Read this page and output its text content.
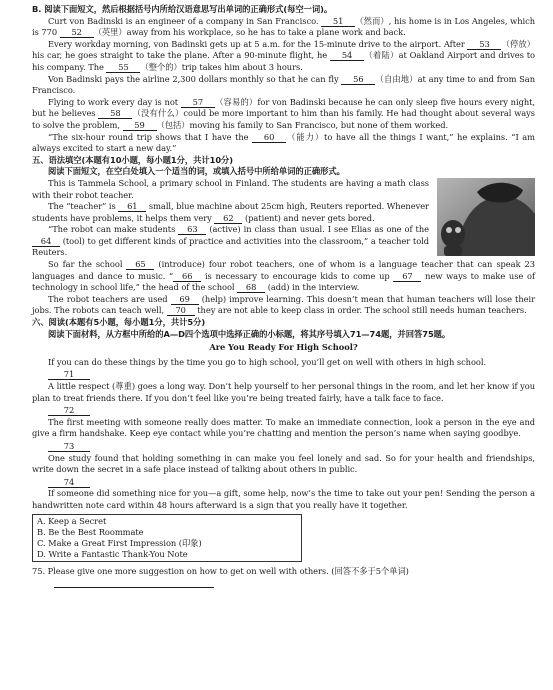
B. 阅读下面短文，然后根据括号内所给汉语意思写出单词的正确形式(每空一词)。

Curt von Badinski is an engineer of a company in San Francisco. 51 （然而）, his home is in Los Angeles, which is 770 52 （英里）away from his workplace, so he has to take a plane work and back.

Every workday morning, von Badinski gets up at 5 a.m. for the 15-minute drive to the airport. After 53 （停放）his car, he goes straight to take the plane. After a 90-minute flight, he 54 （着陆）at Oakland Airport and drives to his company. The 55 （整个的）trip takes him about 3 hours.

Von Badinski pays the airline 2,300 dollars monthly so that he can fly 56 （自由地）at any time to and from San Francisco.

Flying to work every day is not 57 （容易的）for von Badinski because he can only sleep five hours every night, but he believes 58 （没有什么）could be more important to him than his family. He had thought about several ways to solve the problem, 59 （包括）moving his family to San Francisco, but none of them worked.

“The six-hour round trip shows that I have the 60 （能力）to have all the things I want,” he explains. “I am always excited to start a new day.”

五、语法填空(本题有10小题，每小题1分，共计10分)

阅读下面短文，在空白处填入一个适当的词，或填入括号中所给单词的正确形式。

This is Tammela School, a primary school in Finland. The students are having a math class with their robot teacher.

The “teacher” is 61 small, blue machine about 25cm high, Reuters reported. Whenever students have problems, it helps them very 62 (patient) and never gets bored.

“The robot can make students 63 (active) in class than usual. I see Elias as one of the 64 (tool) to get different kinds of practice and activities into the classroom,” a teacher told Reuters.

So far the school 65 (introduce) four robot teachers, one of whom is a language teacher that can speak 23 languages and dance to music. “ 66 is necessary to encourage kids to come up 67 new ways to make use of technology in school life,” the head of the school 68 (add) in the interview.

The robot teachers are used 69 (help) improve learning. This doesn’t mean that human teachers will lose their jobs. The robots can teach well, 70 they are not able to keep class in order. The school still needs human teachers.

六、阅读(本题有5小题，每小题1分，共计5分)

阅读下面材料，从方框中所给的A—D四个选项中选择正确的小标题，将其序号填入71—74题，并回答75题。

Are You Ready For High School?

If you can do these things by the time you go to high school, you’ll get on well with others in high school.

71

A little respect (尊重) goes a long way. Don’t help yourself to her personal things in the room, and let her know if you plan to treat friends there. If you don’t feel like you’re being treated fairly, have a talk face to face.

72

The first meeting with someone really does matter. To make an immediate connection, look a person in the eye and give a firm handshake. Keep eye contact while you’re chatting and mention the person’s name when saying goodbye.

73

One study found that holding something in can make you feel lonely and sad. So for your health and friendships, write down the secret in a safe place instead of talking about others in public.

74

If someone did something nice for you—a gift, some help, now’s the time to take out your pen! Sending the person a handwritten note card within 48 hours afterward is a sign that you really have it together.

A. Keep a Secret

B. Be the Best Roommate

C. Make a Great First Impression (印象)

D. Write a Fantastic Thank-You Note

75. Please give one more suggestion on how to get on well with others. (回答不多于5个单词)
